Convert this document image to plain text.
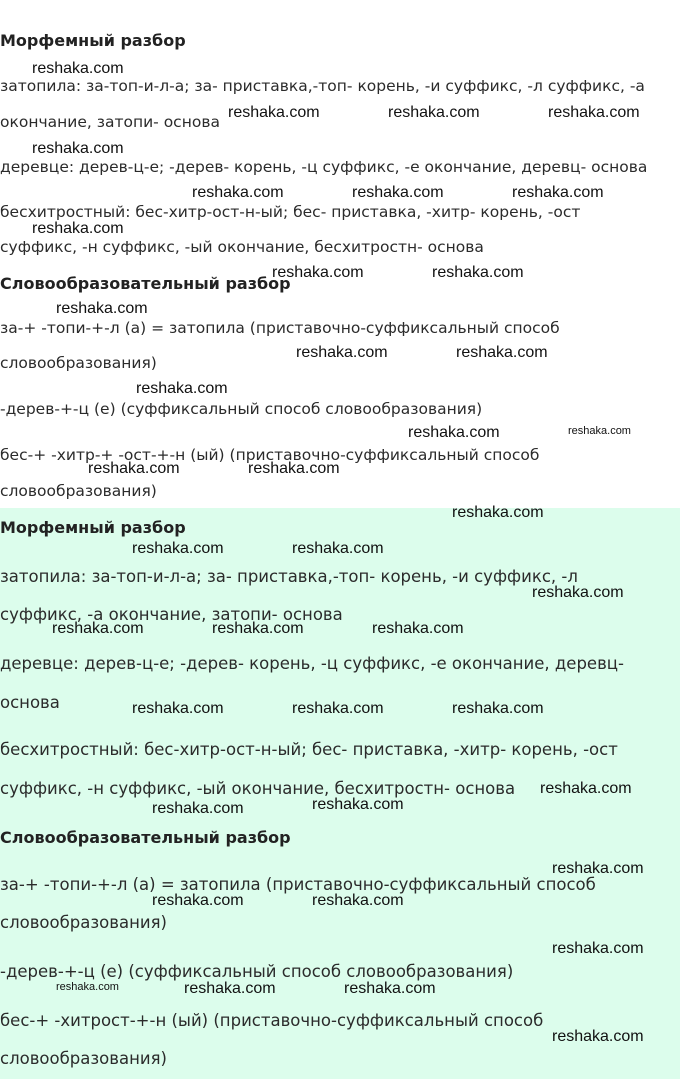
Морфемный разбор
затопила: за-топ-и-л-а; за- приставка,-топ- корень, -и суффикс, -л суффикс, -а
окончание, затопи- основа
деревце: дерев-ц-е; -дерев- корень, -ц суффикс, -е окончание, деревц- основа
бесхитростный: бес-хитр-ост-н-ый; бес- приставка, -хитр- корень, -ост
суффикс, -н суффикс, -ый окончание, бесхитростн- основа
Словообразовательный разбор
за-+ -топи-+-л (а) = затопила (приставочно-суффиксальный способ
словообразования)
-дерев-+-ц (е) (суффиксальный способ словообразования)
бес-+ -хитр-+ -ост-+-н (ый) (приставочно-суффиксальный способ
словообразования)
Морфемный разбор
затопила: за-топ-и-л-а; за- приставка,-топ- корень, -и суффикс, -л
суффикс, -а окончание, затопи- основа
деревце: дерев-ц-е; -дерев- корень, -ц суффикс, -е окончание, деревц-
основа
бесхитростный: бес-хитр-ост-н-ый; бес- приставка, -хитр- корень, -ост
суффикс, -н суффикс, -ый окончание, бесхитростн- основа
Словообразовательный разбор
за-+ -топи-+-л (а) = затопила (приставочно-суффиксальный способ
словообразования)
-дерев-+-ц (е) (суффиксальный способ словообразования)
бес-+ -хитрост-+-н (ый) (приставочно-суффиксальный способ
словообразования)
reshaka.com
reshaka.com	reshaka.com	reshaka.com
reshaka.com
reshaka.com	reshaka.com	reshaka.com
reshaka.com
reshaka.com	reshaka.com
reshaka.com
reshaka.com	reshaka.com
reshaka.com
reshaka.com	reshaka.com
reshaka.com	reshaka.com
reshaka.com
reshaka.com	reshaka.com
reshaka.com
reshaka.com	reshaka.com	reshaka.com
reshaka.com	reshaka.com	reshaka.com
reshaka.com
reshaka.com
reshaka.com
reshaka.com
reshaka.com	reshaka.com
reshaka.com
reshaka.com	reshaka.com	reshaka.com
reshaka.com
